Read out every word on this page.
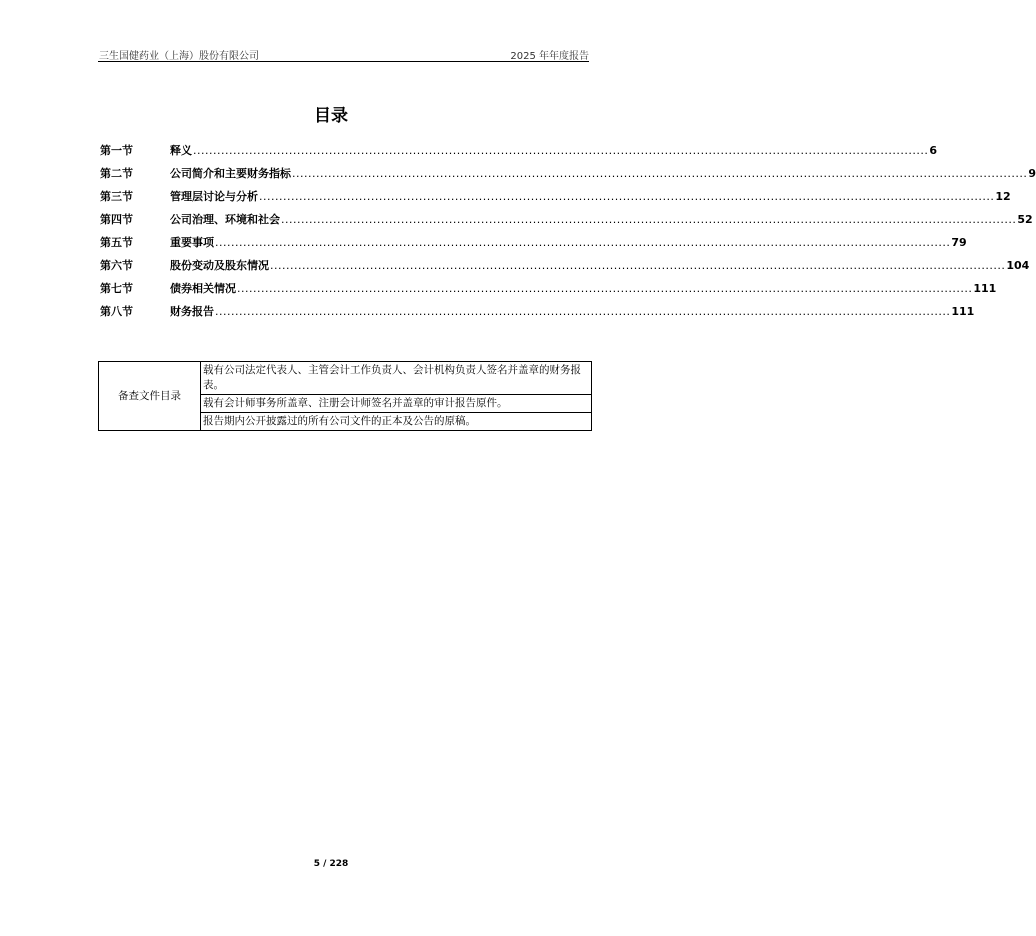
三生国健药业（上海）股份有限公司	2025 年年度报告
目录
第一节	释义 ........................................................................................................................................................................................ 6
第二节	公司简介和主要财务指标 ........................................................................................................................................................................................ 9
第三节	管理层讨论与分析 ........................................................................................................................................................................................ 12
第四节	公司治理、环境和社会 ........................................................................................................................................................................................ 52
第五节	重要事项 ........................................................................................................................................................................................ 79
第六节	股份变动及股东情况 ........................................................................................................................................................................................ 104
第七节	债券相关情况 ........................................................................................................................................................................................ 111
第八节	财务报告 ........................................................................................................................................................................................ 111
备查文件目录	载有公司法定代表人、主管会计工作负责人、会计机构负责人签名并盖章的财务报表。
载有会计师事务所盖章、注册会计师签名并盖章的审计报告原件。
报告期内公开披露过的所有公司文件的正本及公告的原稿。
5 / 228
